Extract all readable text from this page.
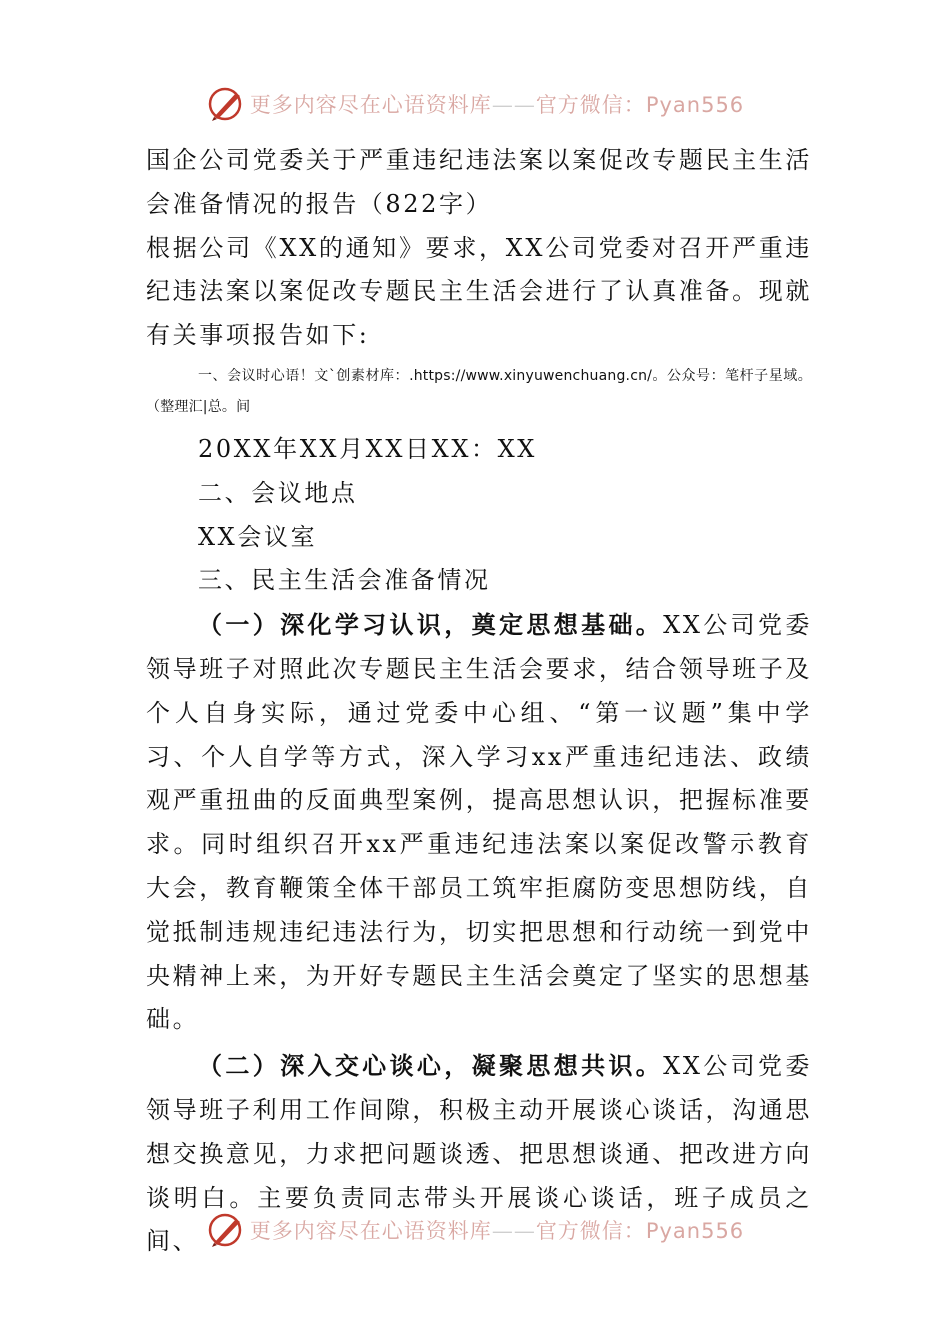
更多内容尽在心语资料库——官方微信：Pyan556

国企公司党委关于严重违纪违法案以案促改专题民主生活会准备情况的报告（822字）

根据公司《XX的通知》要求，XX公司党委对召开严重违纪违法案以案促改专题民主生活会进行了认真准备。现就有关事项报告如下:

一、会议时心语！文`创素材库：.https://www.xinyuwenchuang.cn/。公众号：笔杆子星域。（整理汇|总。间

20XX年XX月XX日XX：XX

二、会议地点

XX会议室

三、民主生活会准备情况

（一）深化学习认识，奠定思想基础。XX公司党委领导班子对照此次专题民主生活会要求，结合领导班子及个人自身实际，通过党委中心组、“第一议题”集中学习、个人自学等方式，深入学习xx严重违纪违法、政绩观严重扭曲的反面典型案例，提高思想认识，把握标准要求。同时组织召开xx严重违纪违法案以案促改警示教育大会，教育鞭策全体干部员工筑牢拒腐防变思想防线，自觉抵制违规违纪违法行为，切实把思想和行动统一到党中央精神上来，为开好专题民主生活会奠定了坚实的思想基础。

（二）深入交心谈心，凝聚思想共识。XX公司党委领导班子利用工作间隙，积极主动开展谈心谈话，沟通思想交换意见，力求把问题谈透、把思想谈通、把改进方向谈明白。主要负责同志带头开展谈心谈话，班子成员之间、	更多内容尽在心语资料库——官方微信：Pyan556
